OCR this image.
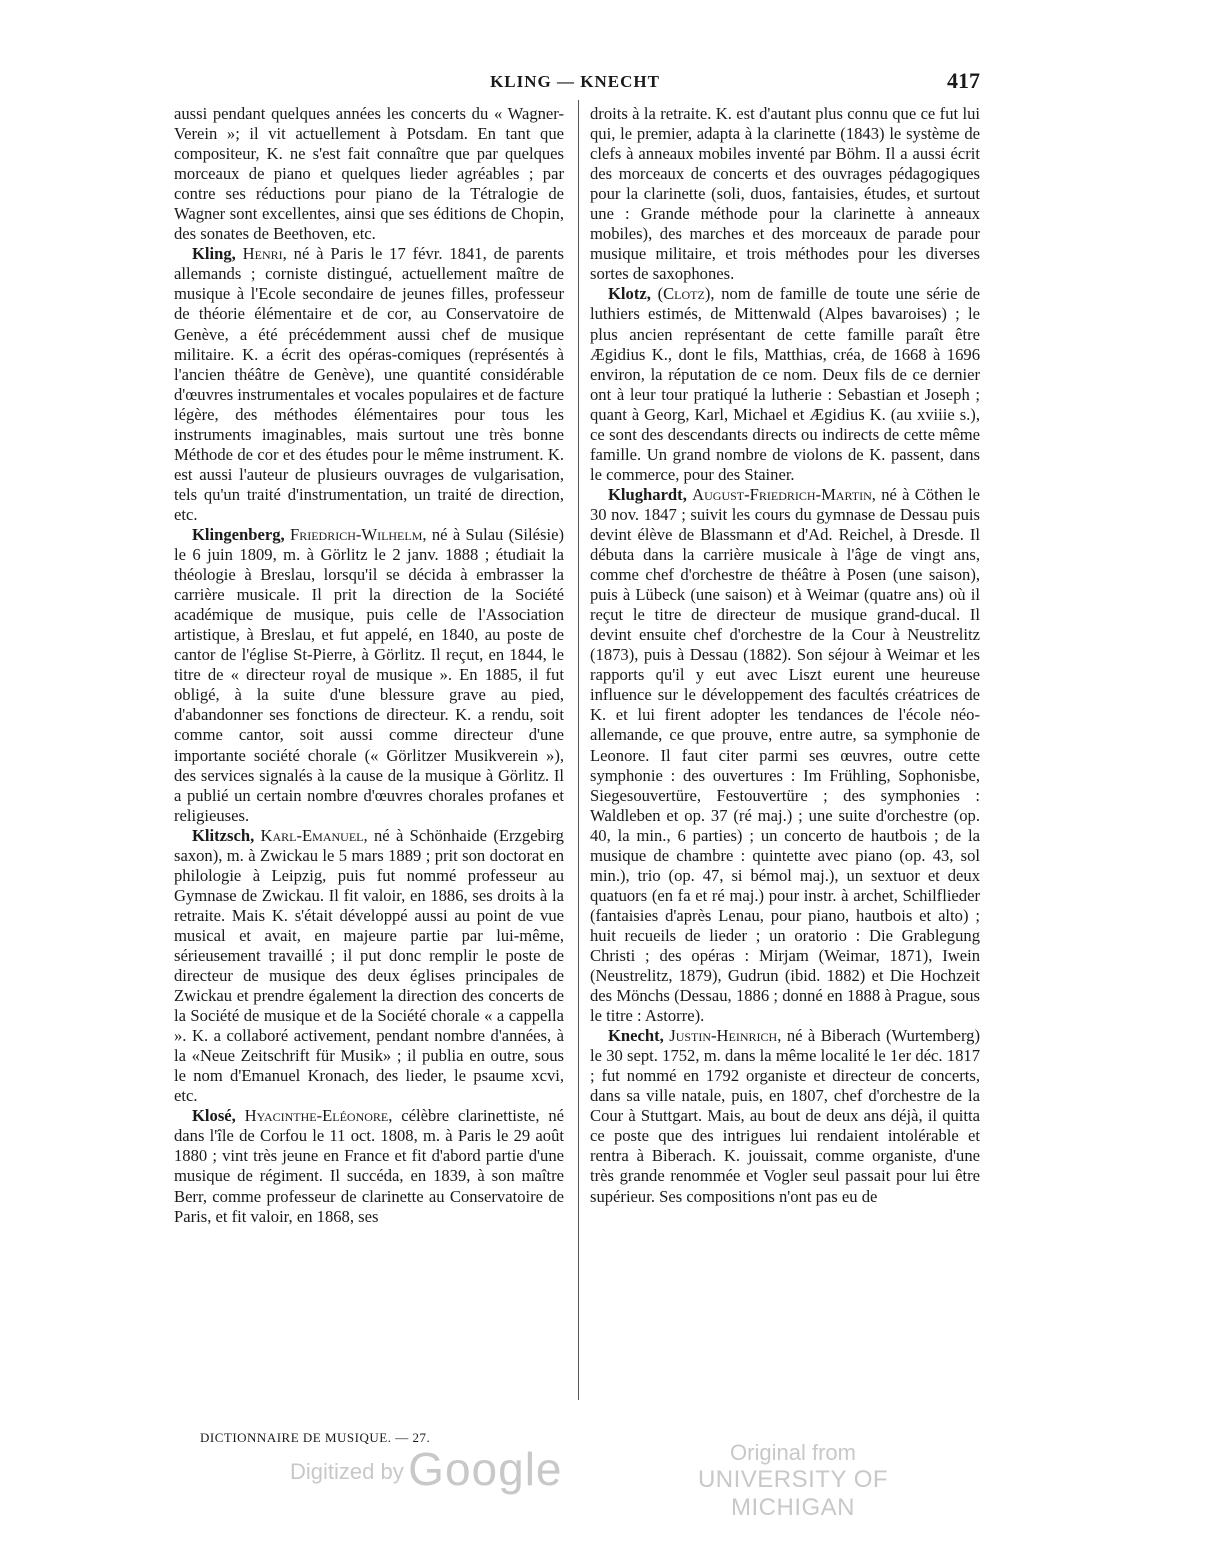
KLING — KNECHT	417

aussi pendant quelques années les concerts du « Wagner-Verein »; il vit actuellement à Potsdam. En tant que compositeur, K. ne s'est fait connaître que par quelques morceaux de piano et quelques lieder agréables ; par contre ses réductions pour piano de la Tétralogie de Wagner sont excellentes, ainsi que ses éditions de Chopin, des sonates de Beethoven, etc.

Kling, Henri, né à Paris le 17 févr. 1841, de parents allemands ; corniste distingué, actuellement maître de musique à l'Ecole secondaire de jeunes filles, professeur de théorie élémentaire et de cor, au Conservatoire de Genève, a été précédemment aussi chef de musique militaire. K. a écrit des opéras-comiques (représentés à l'ancien théâtre de Genève), une quantité considérable d'œuvres instrumentales et vocales populaires et de facture légère, des méthodes élémentaires pour tous les instruments imaginables, mais surtout une très bonne Méthode de cor et des études pour le même instrument. K. est aussi l'auteur de plusieurs ouvrages de vulgarisation, tels qu'un traité d'instrumentation, un traité de direction, etc.

Klingenberg, Friedrich-Wilhelm, né à Sulau (Silésie) le 6 juin 1809, m. à Görlitz le 2 janv. 1888 ; étudiait la théologie à Breslau, lorsqu'il se décida à embrasser la carrière musicale. Il prit la direction de la Société académique de musique, puis celle de l'Association artistique, à Breslau, et fut appelé, en 1840, au poste de cantor de l'église St-Pierre, à Görlitz. Il reçut, en 1844, le titre de « directeur royal de musique ». En 1885, il fut obligé, à la suite d'une blessure grave au pied, d'abandonner ses fonctions de directeur. K. a rendu, soit comme cantor, soit aussi comme directeur d'une importante société chorale (« Görlitzer Musikverein »), des services signalés à la cause de la musique à Görlitz. Il a publié un certain nombre d'œuvres chorales profanes et religieuses.

Klitzsch, Karl-Emanuel, né à Schönhaide (Erzgebirg saxon), m. à Zwickau le 5 mars 1889 ; prit son doctorat en philologie à Leipzig, puis fut nommé professeur au Gymnase de Zwickau. Il fit valoir, en 1886, ses droits à la retraite. Mais K. s'était développé aussi au point de vue musical et avait, en majeure partie par lui-même, sérieusement travaillé ; il put donc remplir le poste de directeur de musique des deux églises principales de Zwickau et prendre également la direction des concerts de la Société de musique et de la Société chorale « a cappella ». K. a collaboré activement, pendant nombre d'années, à la «Neue Zeitschrift für Musik» ; il publia en outre, sous le nom d'Emanuel Kronach, des lieder, le psaume xcvi, etc.

Klosé, Hyacinthe-Eléonore, célèbre clarinettiste, né dans l'île de Corfou le 11 oct. 1808, m. à Paris le 29 août 1880 ; vint très jeune en France et fit d'abord partie d'une musique de régiment. Il succéda, en 1839, à son maître Berr, comme professeur de clarinette au Conservatoire de Paris, et fit valoir, en 1868, ses

droits à la retraite. K. est d'autant plus connu que ce fut lui qui, le premier, adapta à la clarinette (1843) le système de clefs à anneaux mobiles inventé par Böhm. Il a aussi écrit des morceaux de concerts et des ouvrages pédagogiques pour la clarinette (soli, duos, fantaisies, études, et surtout une : Grande méthode pour la clarinette à anneaux mobiles), des marches et des morceaux de parade pour musique militaire, et trois méthodes pour les diverses sortes de saxophones.

Klotz, (Clotz), nom de famille de toute une série de luthiers estimés, de Mittenwald (Alpes bavaroises) ; le plus ancien représentant de cette famille paraît être Ægidius K., dont le fils, Matthias, créa, de 1668 à 1696 environ, la réputation de ce nom. Deux fils de ce dernier ont à leur tour pratiqué la lutherie : Sebastian et Joseph ; quant à Georg, Karl, Michael et Ægidius K. (au xviiie s.), ce sont des descendants directs ou indirects de cette même famille. Un grand nombre de violons de K. passent, dans le commerce, pour des Stainer.

Klughardt, August-Friedrich-Martin, né à Cöthen le 30 nov. 1847 ; suivit les cours du gymnase de Dessau puis devint élève de Blassmann et d'Ad. Reichel, à Dresde. Il débuta dans la carrière musicale à l'âge de vingt ans, comme chef d'orchestre de théâtre à Posen (une saison), puis à Lübeck (une saison) et à Weimar (quatre ans) où il reçut le titre de directeur de musique grand-ducal. Il devint ensuite chef d'orchestre de la Cour à Neustrelitz (1873), puis à Dessau (1882). Son séjour à Weimar et les rapports qu'il y eut avec Liszt eurent une heureuse influence sur le développement des facultés créatrices de K. et lui firent adopter les tendances de l'école néo-allemande, ce que prouve, entre autre, sa symphonie de Leonore. Il faut citer parmi ses œuvres, outre cette symphonie : des ouvertures : Im Frühling, Sophonisbe, Siegesouvertüre, Festouvertüre ; des symphonies : Waldleben et op. 37 (ré maj.) ; une suite d'orchestre (op. 40, la min., 6 parties) ; un concerto de hautbois ; de la musique de chambre : quintette avec piano (op. 43, sol min.), trio (op. 47, si bémol maj.), un sextuor et deux quatuors (en fa et ré maj.) pour instr. à archet, Schilflieder (fantaisies d'après Lenau, pour piano, hautbois et alto) ; huit recueils de lieder ; un oratorio : Die Grablegung Christi ; des opéras : Mirjam (Weimar, 1871), Iwein (Neustrelitz, 1879), Gudrun (ibid. 1882) et Die Hochzeit des Mönchs (Dessau, 1886 ; donné en 1888 à Prague, sous le titre : Astorre).

Knecht, Justin-Heinrich, né à Biberach (Wurtemberg) le 30 sept. 1752, m. dans la même localité le 1er déc. 1817 ; fut nommé en 1792 organiste et directeur de concerts, dans sa ville natale, puis, en 1807, chef d'orchestre de la Cour à Stuttgart. Mais, au bout de deux ans déjà, il quitta ce poste que des intrigues lui rendaient intolérable et rentra à Biberach. K. jouissait, comme organiste, d'une très grande renommée et Vogler seul passait pour lui être supérieur. Ses compositions n'ont pas eu de

DICTIONNAIRE DE MUSIQUE. — 27.
Digitized by Google	Original from
UNIVERSITY OF MICHIGAN
